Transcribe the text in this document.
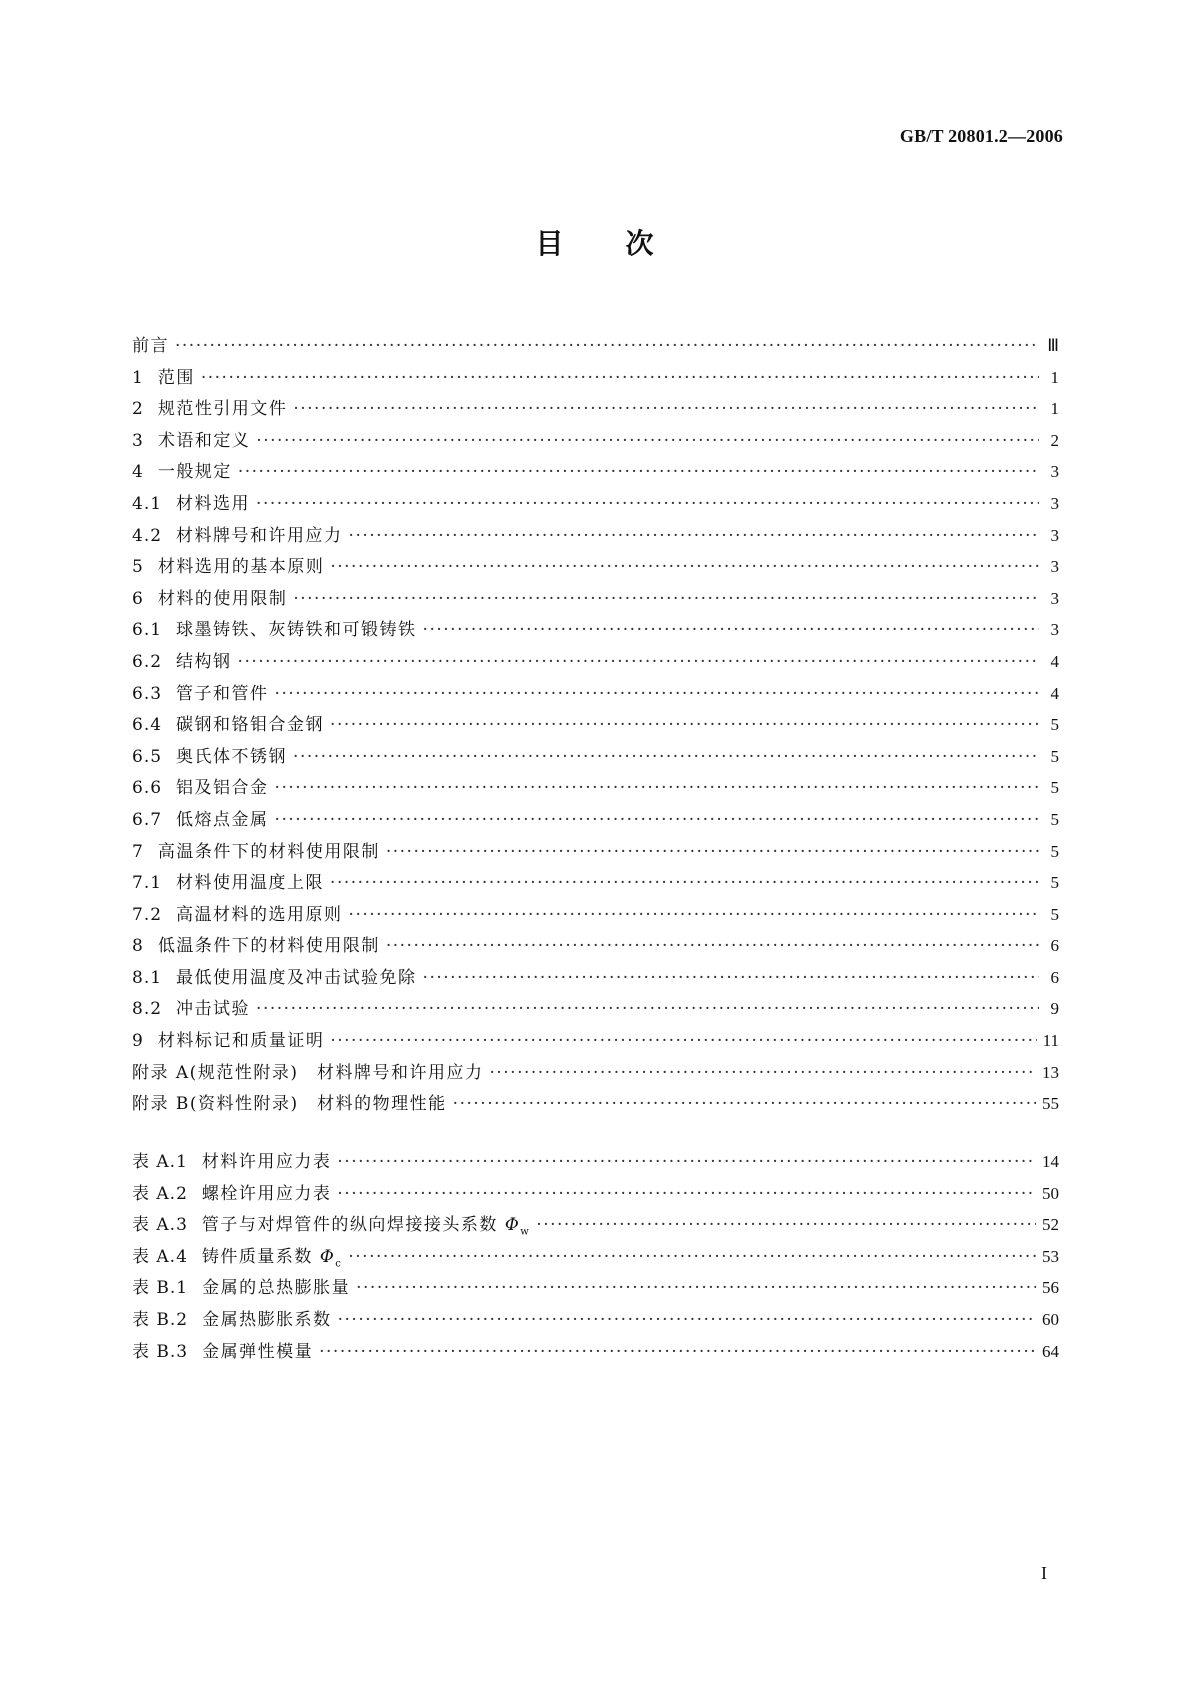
GB/T 20801.2—2006
目 次
前言 ·····	Ⅲ
1 范围 ·····	1
2 规范性引用文件 ·····	1
3 术语和定义 ·····	2
4 一般规定 ·····	3
4.1 材料选用 ·····	3
4.2 材料牌号和许用应力 ·····	3
5 材料选用的基本原则 ·····	3
6 材料的使用限制 ·····	3
6.1 球墨铸铁、灰铸铁和可锻铸铁 ·····	3
6.2 结构钢 ·····	4
6.3 管子和管件 ·····	4
6.4 碳钢和铬钼合金钢 ·····	5
6.5 奥氏体不锈钢 ·····	5
6.6 铝及铝合金 ·····	5
6.7 低熔点金属 ·····	5
7 高温条件下的材料使用限制 ·····	5
7.1 材料使用温度上限 ·····	5
7.2 高温材料的选用原则 ·····	5
8 低温条件下的材料使用限制 ·····	6
8.1 最低使用温度及冲击试验免除 ·····	6
8.2 冲击试验 ·····	9
9 材料标记和质量证明 ·····	11
附录 A(规范性附录)　材料牌号和许用应力 ·····	13
附录 B(资料性附录)　材料的物理性能 ·····	55
表 A.1 材料许用应力表 ·····	14
表 A.2 螺栓许用应力表 ·····	50
表 A.3 管子与对焊管件的纵向焊接接头系数 $\Phi_w$ ·····	52
表 A.4 铸件质量系数 $\Phi_c$ ·····	53
表 B.1 金属的总热膨胀量 ·····	56
表 B.2 金属热膨胀系数 ·····	60
表 B.3 金属弹性模量 ·····	64
I
